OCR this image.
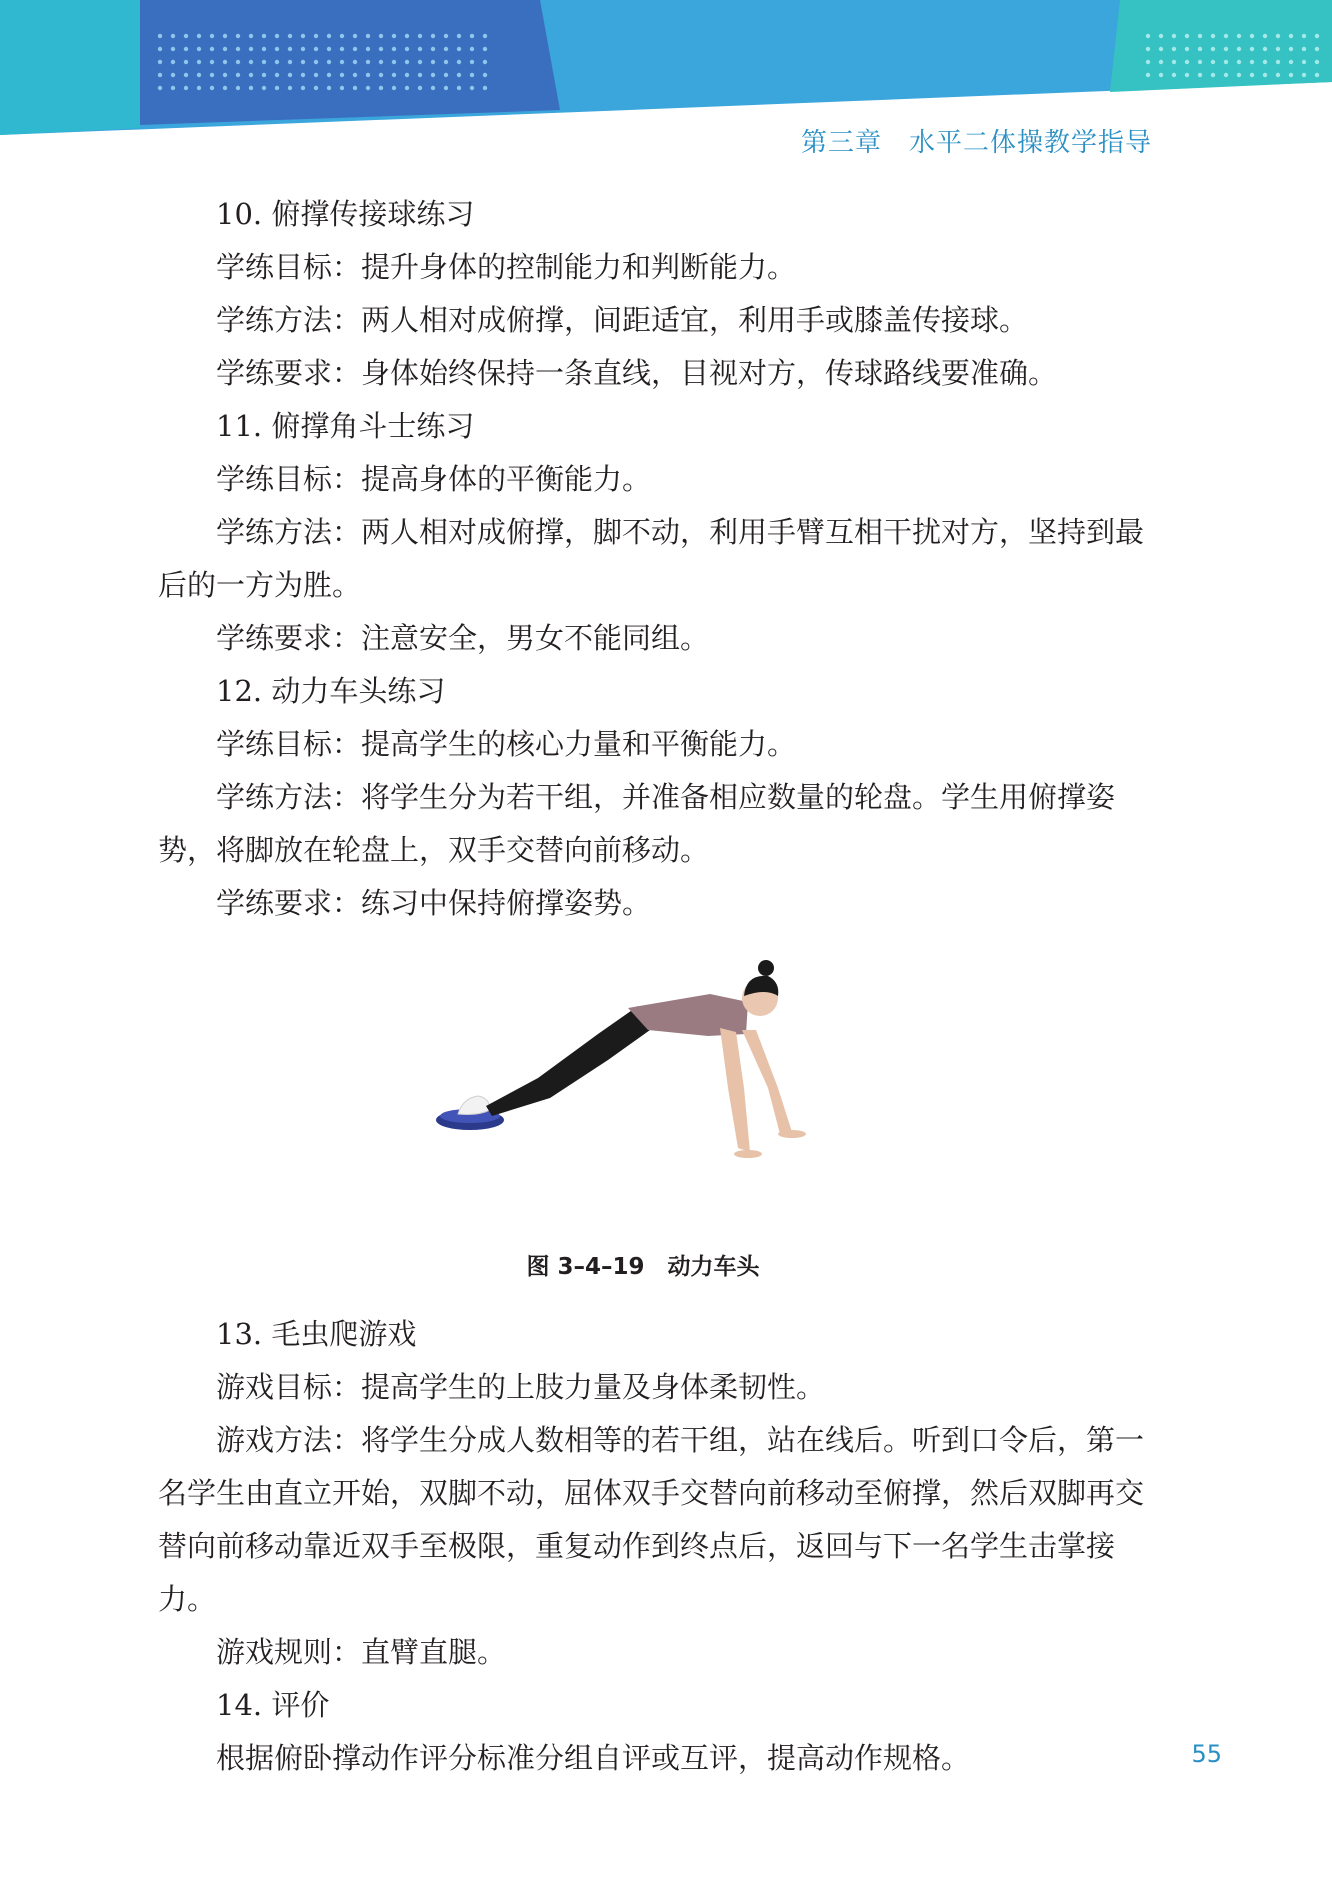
第三章　水平二体操教学指导

10. 俯撑传接球练习

学练目标：提升身体的控制能力和判断能力。

学练方法：两人相对成俯撑，间距适宜，利用手或膝盖传接球。

学练要求：身体始终保持一条直线，目视对方，传球路线要准确。

11. 俯撑角斗士练习

学练目标：提高身体的平衡能力。

学练方法：两人相对成俯撑，脚不动，利用手臂互相干扰对方，坚持到最后的一方为胜。

学练要求：注意安全，男女不能同组。

12. 动力车头练习

学练目标：提高学生的核心力量和平衡能力。

学练方法：将学生分为若干组，并准备相应数量的轮盘。学生用俯撑姿势，将脚放在轮盘上，双手交替向前移动。

学练要求：练习中保持俯撑姿势。

图 3–4–19　动力车头

13. 毛虫爬游戏

游戏目标：提高学生的上肢力量及身体柔韧性。

游戏方法：将学生分成人数相等的若干组，站在线后。听到口令后，第一名学生由直立开始，双脚不动，屈体双手交替向前移动至俯撑，然后双脚再交替向前移动靠近双手至极限，重复动作到终点后，返回与下一名学生击掌接力。

游戏规则：直臂直腿。

14. 评价

根据俯卧撑动作评分标准分组自评或互评，提高动作规格。	55
